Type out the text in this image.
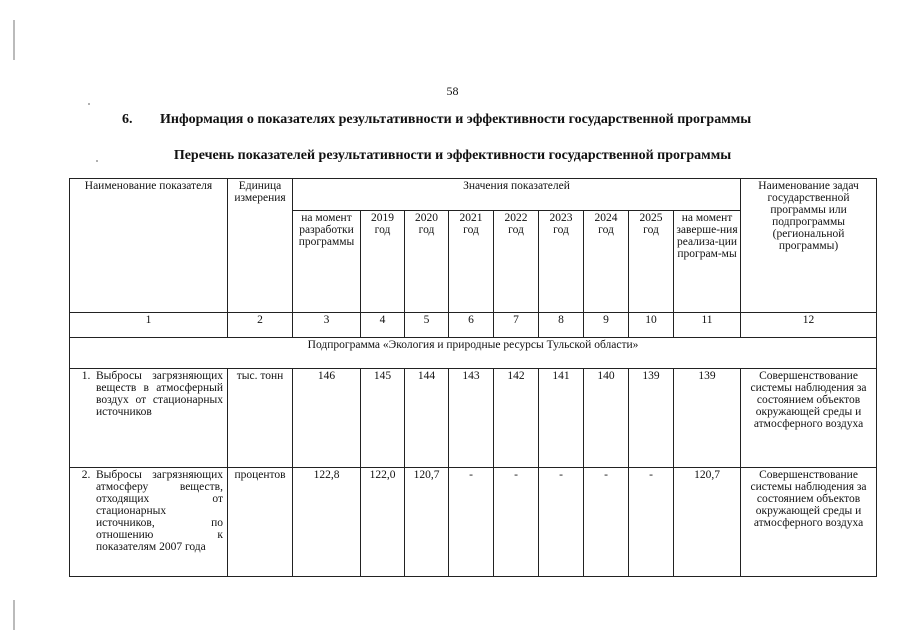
58
6. Информация о показателях результативности и эффективности государственной программы
Перечень показателей результативности и эффективности государственной программы
Наименование показателя	Единица измерения	Значения показателей									Наименование задач государственной программы или подпрограммы (региональной программы)
		на момент разработки программы	2019 год	2020 год	2021 год	2022 год	2023 год	2024 год	2025 год	на момент заверше-ния реализа-ции програм-мы	
1	2	3	4	5	6	7	8	9	10	11	12
Подпрограмма «Экология и природные ресурсы Тульской области»											

1. Выбросы загрязняющих веществ в атмосферный воздух от стационарных источников	тыс. тонн	146	145	144	143	142	141	140	139	139	Совершенствование системы наблюдения за состоянием объектов окружающей среды и атмосферного воздуха

2. Выбросы загрязняющих атмосферу веществ, отходящих от стационарных источников, по отношению к показателям 2007 года	процентов	122,8	122,0	120,7	-	-	-	-	-	120,7	Совершенствование системы наблюдения за состоянием объектов окружающей среды и атмосферного воздуха
